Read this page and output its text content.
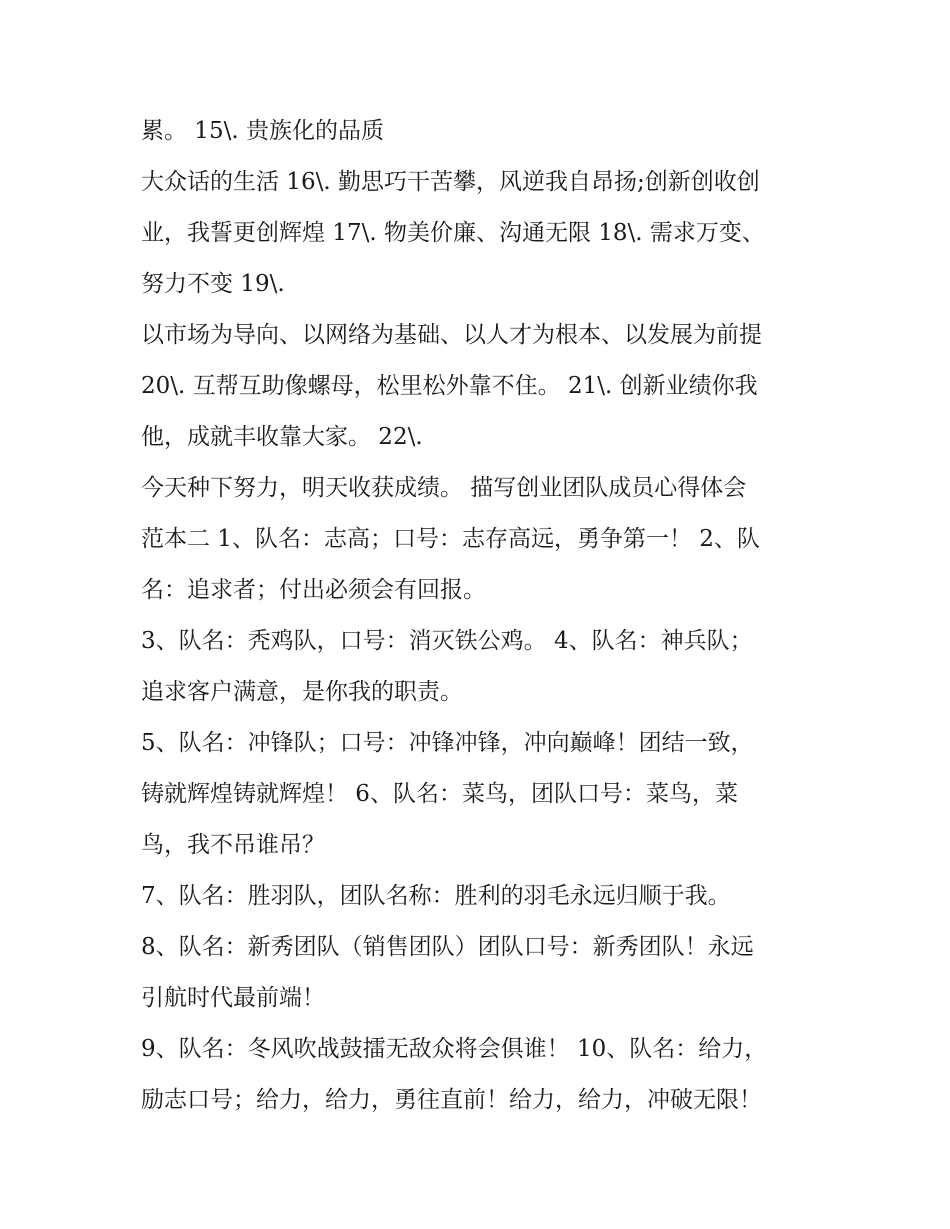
累。 15\. 贵族化的品质
大众话的生活 16\. 勤思巧干苦攀，风逆我自昂扬;创新创收创
业，我誓更创辉煌 17\. 物美价廉、沟通无限 18\. 需求万变、
努力不变 19\.
以市场为导向、以网络为基础、以人才为根本、以发展为前提
20\. 互帮互助像螺母，松里松外靠不住。 21\. 创新业绩你我
他，成就丰收靠大家。 22\.
今天种下努力，明天收获成绩。 描写创业团队成员心得体会
范本二 1、队名：志高；口号：志存高远，勇争第一！ 2、队
名：追求者；付出必须会有回报。
3、队名：秃鸡队，口号：消灭铁公鸡。 4、队名：神兵队；
追求客户满意，是你我的职责。
5、队名：冲锋队；口号：冲锋冲锋，冲向巅峰！团结一致，
铸就辉煌铸就辉煌！ 6、队名：菜鸟，团队口号：菜鸟，菜
鸟，我不吊谁吊？
7、队名：胜羽队，团队名称：胜利的羽毛永远归顺于我。
8、队名：新秀团队（销售团队）团队口号：新秀团队！永远
引航时代最前端！
9、队名：冬风吹战鼓擂无敌众将会俱谁！ 10、队名：给力，
励志口号；给力，给力，勇往直前！给力，给力，冲破无限！
